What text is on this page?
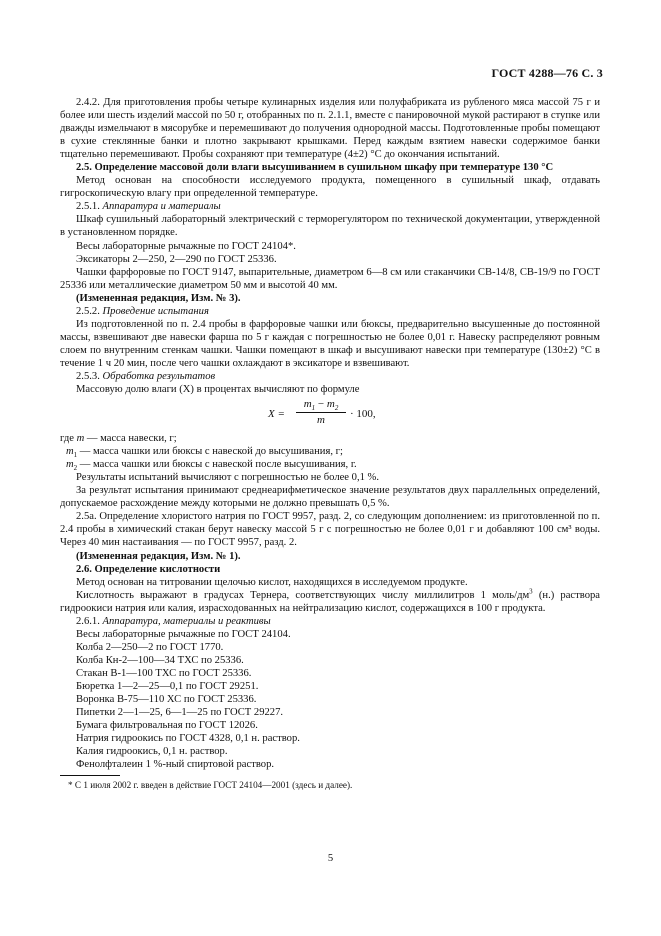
ГОСТ 4288—76 С. 3

2.4.2. Для приготовления пробы четыре кулинарных изделия или полуфабриката из рубленого мяса массой 75 г и более или шесть изделий массой по 50 г, отобранных по п. 2.1.1, вместе с панировочной мукой растирают в ступке или дважды измельчают в мясорубке и перемешивают до получения однородной массы. Подготовленные пробы помещают в сухие стеклянные банки и плотно закрывают крышками. Перед каждым взятием навески содержимое банки тщательно перемешивают. Пробы сохраняют при температуре (4±2) °С до окончания испытаний.

2.5. Определение массовой доли влаги высушиванием в сушильном шкафу при температуре 130 °С

Метод основан на способности исследуемого продукта, помещенного в сушильный шкаф, отдавать гигроскопическую влагу при определенной температуре.

2.5.1. Аппаратура и материалы

Шкаф сушильный лабораторный электрический с терморегулятором по технической документации, утвержденной в установленном порядке.

Весы лабораторные рычажные по ГОСТ 24104*.

Эксикаторы 2—250, 2—290 по ГОСТ 25336.

Чашки фарфоровые по ГОСТ 9147, выпарительные, диаметром 6—8 см или стаканчики СВ-14/8, СВ-19/9 по ГОСТ 25336 или металлические диаметром 50 мм и высотой 40 мм.

(Измененная редакция, Изм. № 3).

2.5.2. Проведение испытания

Из подготовленной по п. 2.4 пробы в фарфоровые чашки или бюксы, предварительно высушенные до постоянной массы, взвешивают две навески фарша по 5 г каждая с погрешностью не более 0,01 г. Навеску распределяют ровным слоем по внутренним стенкам чашки. Чашки помещают в шкаф и высушивают навески при температуре (130±2) °С в течение 1 ч 20 мин, после чего чашки охлаждают в эксикаторе и взвешивают.

2.5.3. Обработка результатов

Массовую долю влаги (X) в процентах вычисляют по формуле

$X = \frac{m_1 - m_2}{m} \cdot 100$,

где m — масса навески, г;

$m_1$ — масса чашки или бюксы с навеской до высушивания, г;

$m_2$ — масса чашки или бюксы с навеской после высушивания, г.

Результаты испытаний вычисляют с погрешностью не более 0,1 %.

За результат испытания принимают среднеарифметическое значение результатов двух параллельных определений, допускаемое расхождение между которыми не должно превышать 0,5 %.

2.5а. Определение хлористого натрия по ГОСТ 9957, разд. 2, со следующим дополнением: из приготовленной по п. 2.4 пробы в химический стакан берут навеску массой 5 г с погрешностью не более 0,01 г и добавляют 100 см³ воды. Через 40 мин настаивания — по ГОСТ 9957, разд. 2.

(Измененная редакция, Изм. № 1).

2.6. Определение кислотности

Метод основан на титровании щелочью кислот, находящихся в исследуемом продукте.

Кислотность выражают в градусах Тернера, соответствующих числу миллилитров 1 моль/$дм^3$ (н.) раствора гидроокиси натрия или калия, израсходованных на нейтрализацию кислот, содержащихся в 100 г продукта.

2.6.1. Аппаратура, материалы и реактивы

Весы лабораторные рычажные по ГОСТ 24104.

Колба 2—250—2 по ГОСТ 1770.

Колба Кн-2—100—34 ТХС по 25336.

Стакан В-1—100 ТХС по ГОСТ 25336.

Бюретка 1—2—25—0,1 по ГОСТ 29251.

Воронка В-75—110 ХС по ГОСТ 25336.

Пипетки 2—1—25, 6—1—25 по ГОСТ 29227.

Бумага фильтровальная по ГОСТ 12026.

Натрия гидроокись по ГОСТ 4328, 0,1 н. раствор.

Калия гидроокись, 0,1 н. раствор.

Фенолфталеин 1 %-ный спиртовой раствор.

* С 1 июля 2002 г. введен в действие ГОСТ 24104—2001 (здесь и далее).

5
